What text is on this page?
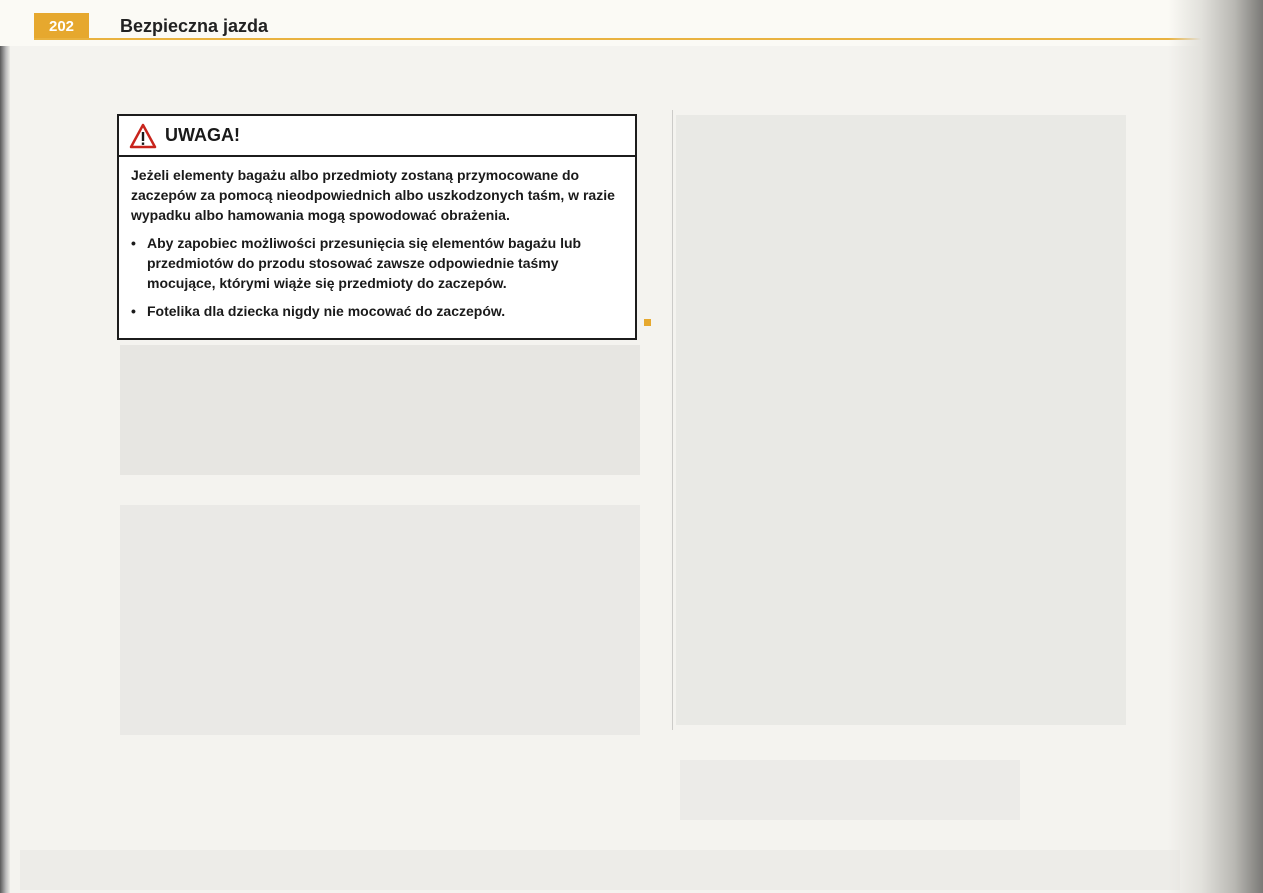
202	Bezpieczna jazda
UWAGA!

Jeżeli elementy bagażu albo przedmioty zostaną przymocowane do zaczepów za pomocą nieodpowiednich albo uszkodzonych taśm, w razie wypadku albo hamowania mogą spowodować obrażenia.

• Aby zapobiec możliwości przesunięcia się elementów bagażu lub przedmiotów do przodu stosować zawsze odpowiednie taśmy mocujące, którymi wiąże się przedmioty do zaczepów.
• Fotelika dla dziecka nigdy nie mocować do zaczepów.
